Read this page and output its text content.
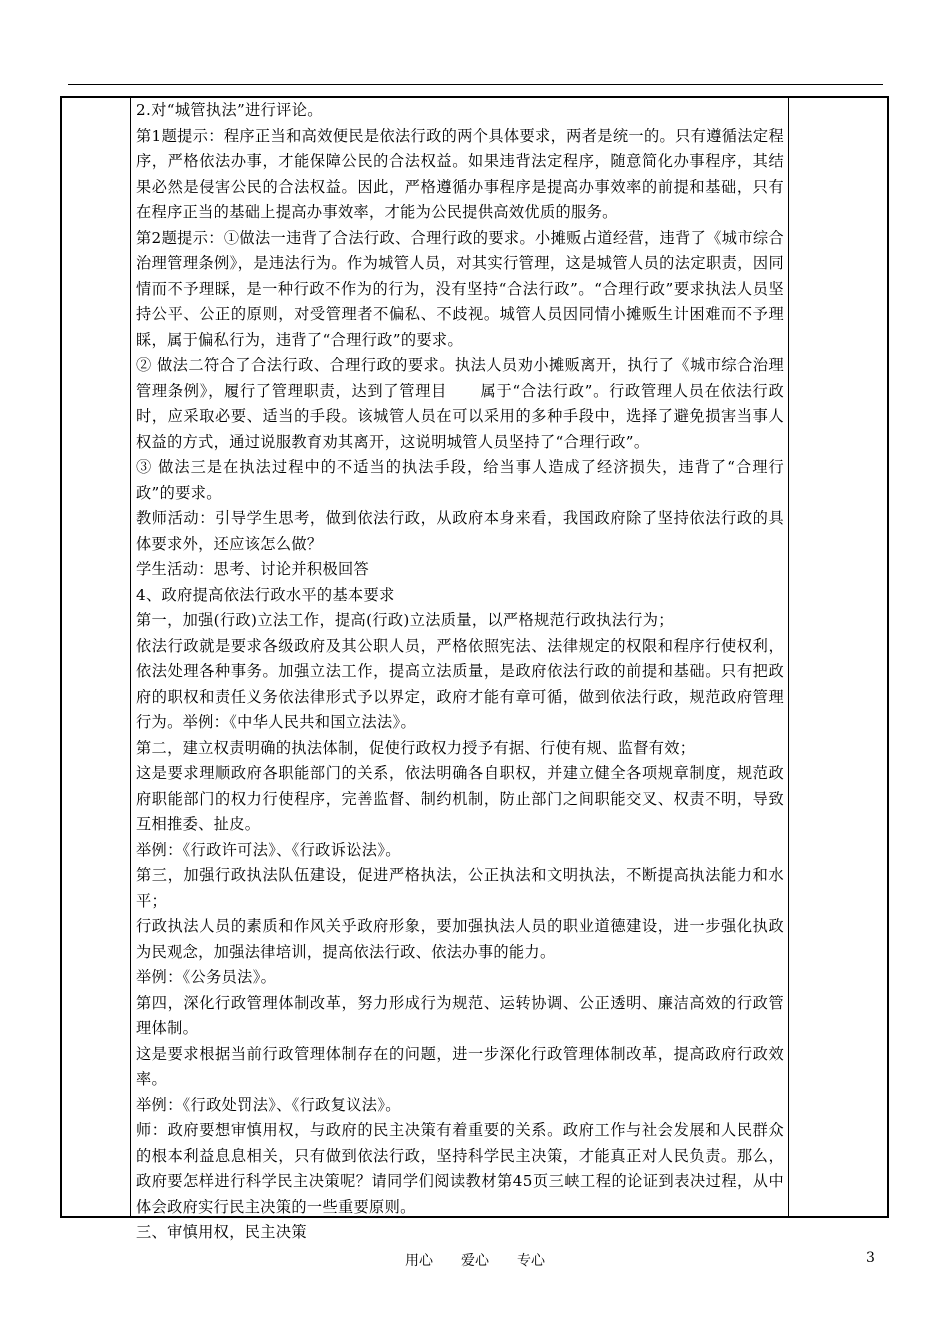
2.对“城管执法”进行评论。

第1题提示：程序正当和高效便民是依法行政的两个具体要求，两者是统一的。只有遵循法定程序，严格依法办事，才能保障公民的合法权益。如果违背法定程序，随意简化办事程序，其结果必然是侵害公民的合法权益。因此，严格遵循办事程序是提高办事效率的前提和基础，只有在程序正当的基础上提高办事效率，才能为公民提供高效优质的服务。

第2题提示：①做法一违背了合法行政、合理行政的要求。小摊贩占道经营，违背了《城市综合治理管理条例》，是违法行为。作为城管人员，对其实行管理，这是城管人员的法定职责，因同情而不予理睬，是一种行政不作为的行为，没有坚持“合法行政”。“合理行政”要求执法人员坚持公平、公正的原则，对受管理者不偏私、不歧视。城管人员因同情小摊贩生计困难而不予理睬，属于偏私行为，违背了“合理行政”的要求。

② 做法二符合了合法行政、合理行政的要求。执法人员劝小摊贩离开，执行了《城市综合治理管理条例》，履行了管理职责，达到了管理目      属于“合法行政”。行政管理人员在依法行政时，应采取必要、适当的手段。该城管人员在可以采用的多种手段中，选择了避免损害当事人权益的方式，通过说服教育劝其离开，这说明城管人员坚持了“合理行政”。

③ 做法三是在执法过程中的不适当的执法手段，给当事人造成了经济损失，违背了“合理行政”的要求。

教师活动：引导学生思考，做到依法行政，从政府本身来看，我国政府除了坚持依法行政的具体要求外，还应该怎么做？

学生活动：思考、讨论并积极回答

4、政府提高依法行政水平的基本要求

第一，加强(行政)立法工作，提高(行政)立法质量，以严格规范行政执法行为；

依法行政就是要求各级政府及其公职人员，严格依照宪法、法律规定的权限和程序行使权利，依法处理各种事务。加强立法工作，提高立法质量，是政府依法行政的前提和基础。只有把政府的职权和责任义务依法律形式予以界定，政府才能有章可循，做到依法行政，规范政府管理行为。举例：《中华人民共和国立法法》。

第二，建立权责明确的执法体制，促使行政权力授予有据、行使有规、监督有效；

这是要求理顺政府各职能部门的关系，依法明确各自职权，并建立健全各项规章制度，规范政府职能部门的权力行使程序，完善监督、制约机制，防止部门之间职能交叉、权责不明，导致互相推委、扯皮。

举例：《行政许可法》、《行政诉讼法》。

第三，加强行政执法队伍建设，促进严格执法，公正执法和文明执法，不断提高执法能力和水平；

行政执法人员的素质和作风关乎政府形象，要加强执法人员的职业道德建设，进一步强化执政为民观念，加强法律培训，提高依法行政、依法办事的能力。

举例：《公务员法》。

第四，深化行政管理体制改革，努力形成行为规范、运转协调、公正透明、廉洁高效的行政管理体制。

这是要求根据当前行政管理体制存在的问题，进一步深化行政管理体制改革，提高政府行政效率。

举例：《行政处罚法》、《行政复议法》。

师：政府要想审慎用权，与政府的民主决策有着重要的关系。政府工作与社会发展和人民群众的根本利益息息相关，只有做到依法行政，坚持科学民主决策，才能真正对人民负责。那么，政府要怎样进行科学民主决策呢？请同学们阅读教材第45页三峡工程的论证到表决过程，从中体会政府实行民主决策的一些重要原则。

三、审慎用权，民主决策

用心 爱心 专心	3
